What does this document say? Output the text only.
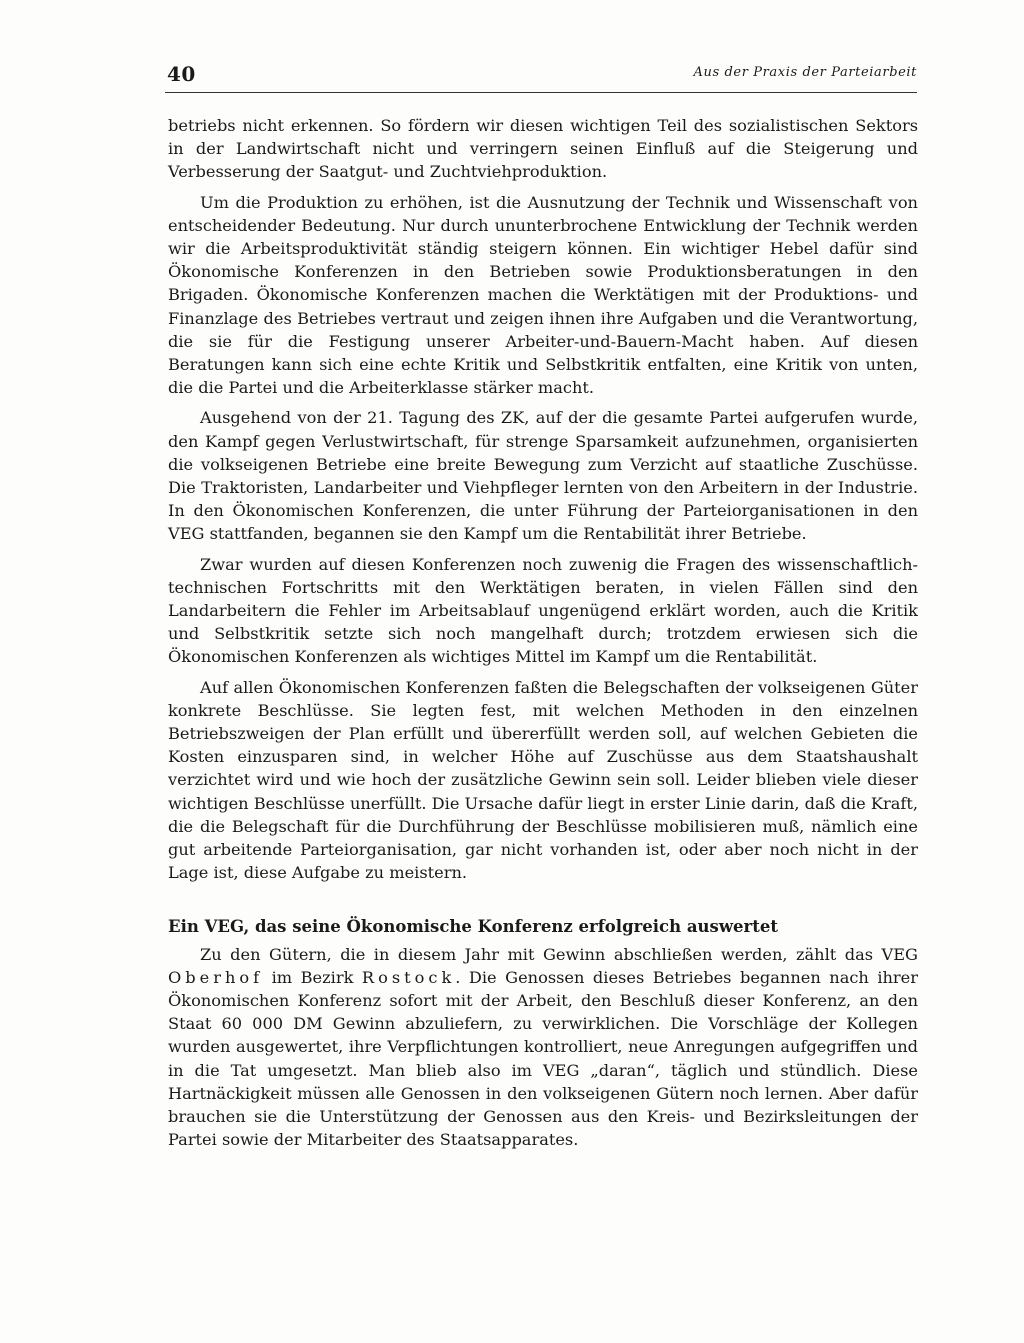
40	Aus der Praxis der Parteiarbeit

betriebs nicht erkennen. So fördern wir diesen wichtigen Teil des sozialistischen Sektors in der Landwirtschaft nicht und verringern seinen Einfluß auf die Steigerung und Verbesserung der Saatgut- und Zuchtviehproduktion.

Um die Produktion zu erhöhen, ist die Ausnutzung der Technik und Wissenschaft von entscheidender Bedeutung. Nur durch ununterbrochene Entwicklung der Technik werden wir die Arbeitsproduktivität ständig steigern können. Ein wichtiger Hebel dafür sind Ökonomische Konferenzen in den Betrieben sowie Produktionsberatungen in den Brigaden. Ökonomische Konferenzen machen die Werktätigen mit der Produktions- und Finanzlage des Betriebes vertraut und zeigen ihnen ihre Aufgaben und die Verantwortung, die sie für die Festigung unserer Arbeiter-und-Bauern-Macht haben. Auf diesen Beratungen kann sich eine echte Kritik und Selbstkritik entfalten, eine Kritik von unten, die die Partei und die Arbeiterklasse stärker macht.

Ausgehend von der 21. Tagung des ZK, auf der die gesamte Partei aufgerufen wurde, den Kampf gegen Verlustwirtschaft, für strenge Sparsamkeit aufzunehmen, organisierten die volkseigenen Betriebe eine breite Bewegung zum Verzicht auf staatliche Zuschüsse. Die Traktoristen, Landarbeiter und Viehpfleger lernten von den Arbeitern in der Industrie. In den Ökonomischen Konferenzen, die unter Führung der Parteiorganisationen in den VEG stattfanden, begannen sie den Kampf um die Rentabilität ihrer Betriebe.

Zwar wurden auf diesen Konferenzen noch zuwenig die Fragen des wissenschaftlich-technischen Fortschritts mit den Werktätigen beraten, in vielen Fällen sind den Landarbeitern die Fehler im Arbeitsablauf ungenügend erklärt worden, auch die Kritik und Selbstkritik setzte sich noch mangelhaft durch; trotzdem erwiesen sich die Ökonomischen Konferenzen als wichtiges Mittel im Kampf um die Rentabilität.

Auf allen Ökonomischen Konferenzen faßten die Belegschaften der volkseigenen Güter konkrete Beschlüsse. Sie legten fest, mit welchen Methoden in den einzelnen Betriebszweigen der Plan erfüllt und übererfüllt werden soll, auf welchen Gebieten die Kosten einzusparen sind, in welcher Höhe auf Zuschüsse aus dem Staatshaushalt verzichtet wird und wie hoch der zusätzliche Gewinn sein soll. Leider blieben viele dieser wichtigen Beschlüsse unerfüllt. Die Ursache dafür liegt in erster Linie darin, daß die Kraft, die die Belegschaft für die Durchführung der Beschlüsse mobilisieren muß, nämlich eine gut arbeitende Parteiorganisation, gar nicht vorhanden ist, oder aber noch nicht in der Lage ist, diese Aufgabe zu meistern.

Ein VEG, das seine Ökonomische Konferenz erfolgreich auswertet

Zu den Gütern, die in diesem Jahr mit Gewinn abschließen werden, zählt das VEG Oberhof im Bezirk Rostock. Die Genossen dieses Betriebes begannen nach ihrer Ökonomischen Konferenz sofort mit der Arbeit, den Beschluß dieser Konferenz, an den Staat 60 000 DM Gewinn abzuliefern, zu verwirklichen. Die Vorschläge der Kollegen wurden ausgewertet, ihre Verpflichtungen kontrolliert, neue Anregungen aufgegriffen und in die Tat umgesetzt. Man blieb also im VEG „daran“, täglich und stündlich. Diese Hartnäckigkeit müssen alle Genossen in den volkseigenen Gütern noch lernen. Aber dafür brauchen sie die Unterstützung der Genossen aus den Kreis- und Bezirksleitungen der Partei sowie der Mitarbeiter des Staatsapparates.
